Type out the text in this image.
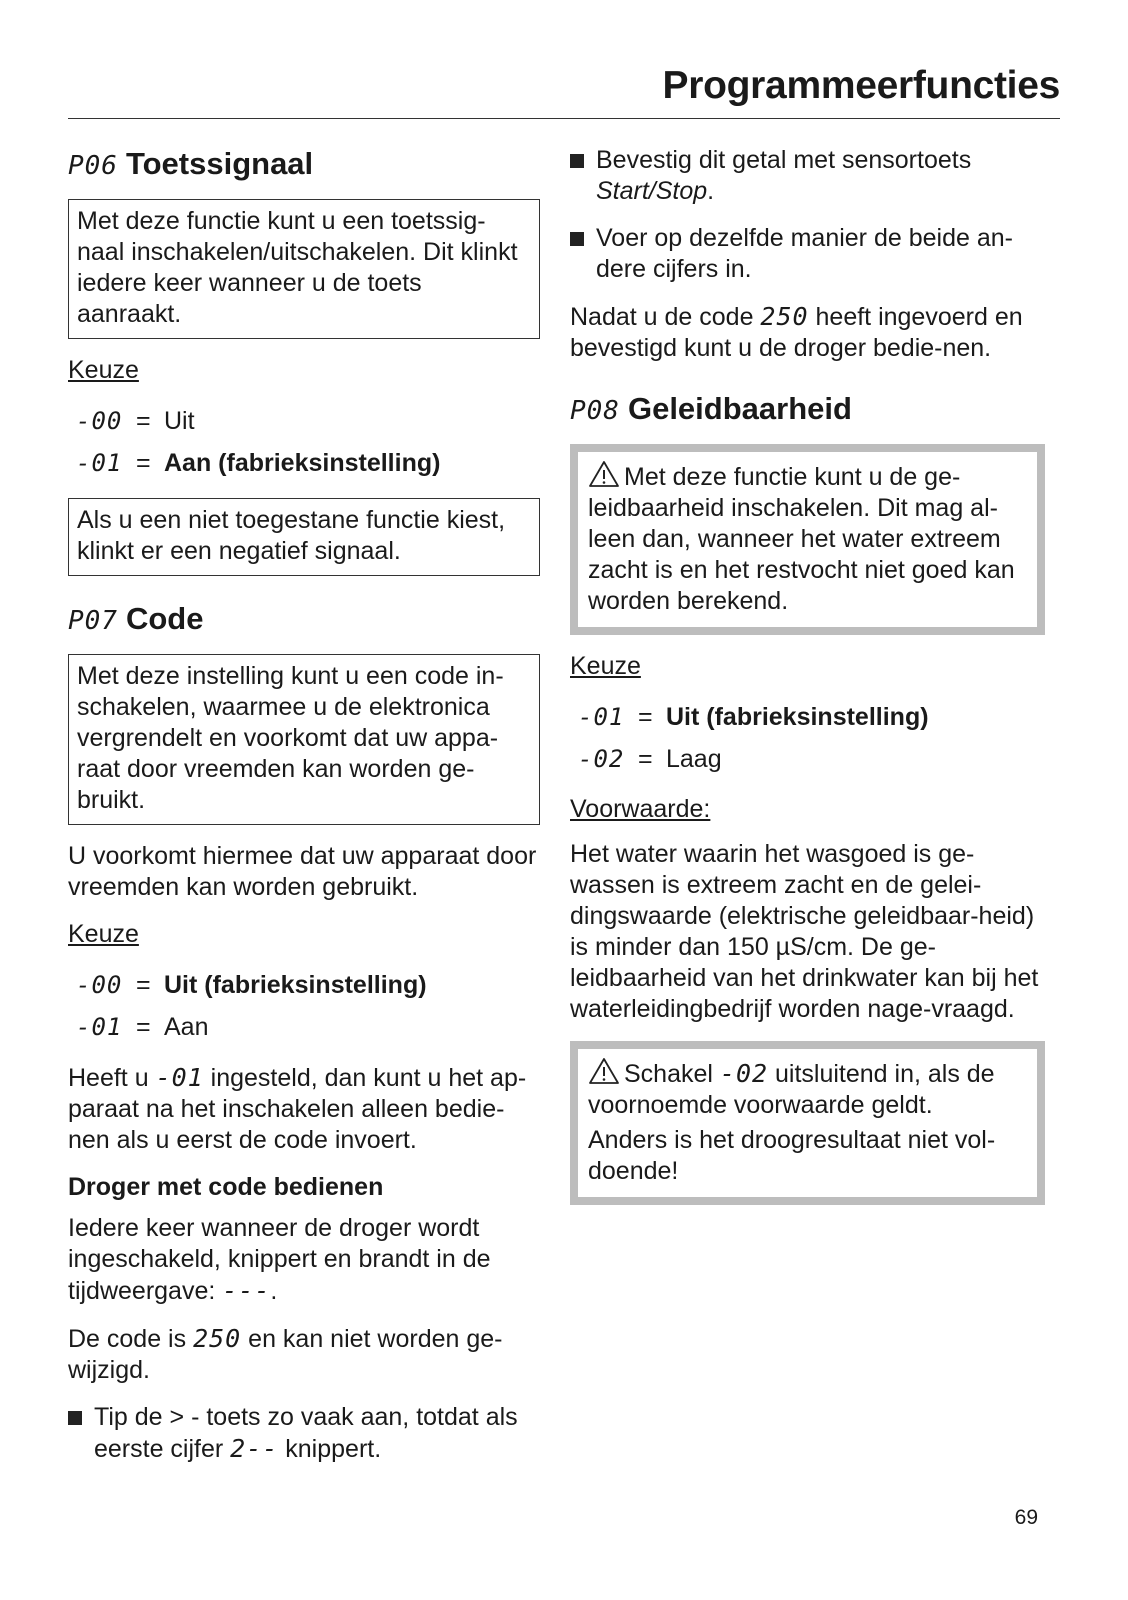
Programmeerfuncties
P06 Toetssignaal

Met deze functie kunt u een toetssig-naal inschakelen/uitschakelen. Dit klinkt iedere keer wanneer u de toets aanraakt.

Keuze
-00 = Uit
-01 = Aan (fabrieksinstelling)

Als u een niet toegestane functie kiest, klinkt er een negatief signaal.

P07 Code

Met deze instelling kunt u een code in-schakelen, waarmee u de elektronica vergrendelt en voorkomt dat uw appa-raat door vreemden kan worden ge-bruikt.

U voorkomt hiermee dat uw apparaat door vreemden kan worden gebruikt.

Keuze
-00 = Uit (fabrieksinstelling)
-01 = Aan

Heeft u -01 ingesteld, dan kunt u het ap-paraat na het inschakelen alleen bedie-nen als u eerst de code invoert.

Droger met code bedienen

Iedere keer wanneer de droger wordt ingeschakeld, knippert en brandt in de tijdweergave: ---.

De code is 250 en kan niet worden ge-wijzigd.

Tip de > - toets zo vaak aan, totdat als eerste cijfer 2-- knippert.
Bevestig dit getal met sensortoets Start/Stop.
Voer op dezelfde manier de beide an-dere cijfers in.

Nadat u de code 250 heeft ingevoerd en bevestigd kunt u de droger bedie-nen.

P08 Geleidbaarheid

Met deze functie kunt u de ge-leidbaarheid inschakelen. Dit mag al-leen dan, wanneer het water extreem zacht is en het restvocht niet goed kan worden berekend.

Keuze
-01 = Uit (fabrieksinstelling)
-02 = Laag
Voorwaarde:

Het water waarin het wasgoed is ge-wassen is extreem zacht en de gelei-dingswaarde (elektrische geleidbaar-heid) is minder dan 150 µS/cm. De ge-leidbaarheid van het drinkwater kan bij het waterleidingbedrijf worden nage-vraagd.

Schakel -02 uitsluitend in, als de voornoemde voorwaarde geldt.

Anders is het droogresultaat niet vol-doende!

69
